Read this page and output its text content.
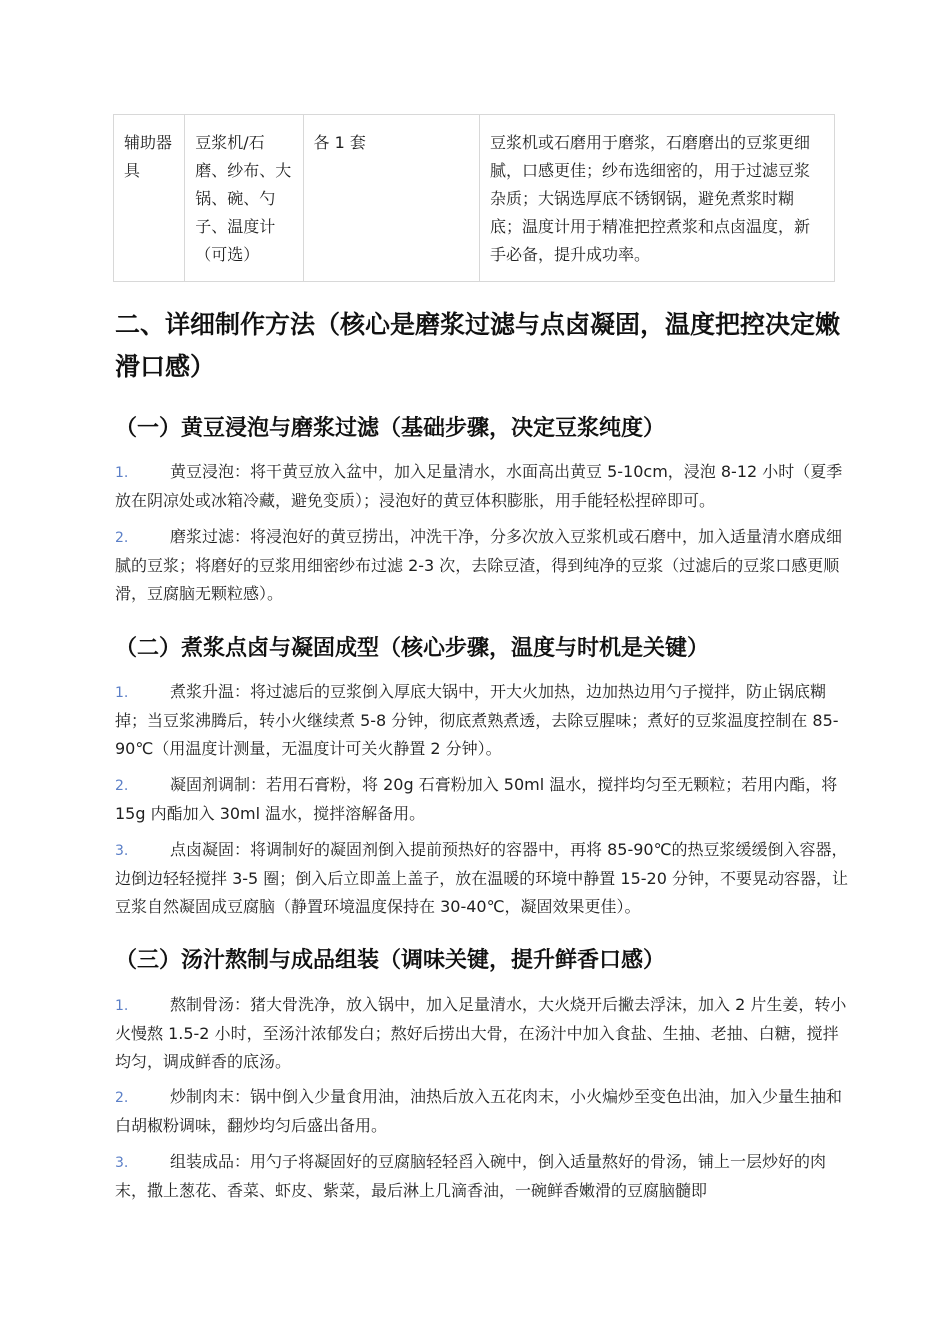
辅助器具	豆浆机/石磨、纱布、大锅、碗、勺子、温度计（可选）	各 1 套	豆浆机或石磨用于磨浆，石磨磨出的豆浆更细腻，口感更佳；纱布选细密的，用于过滤豆浆杂质；大锅选厚底不锈钢锅，避免煮浆时糊底；温度计用于精准把控煮浆和点卤温度，新手必备，提升成功率。
二、详细制作方法（核心是磨浆过滤与点卤凝固，温度把控决定嫩滑口感）
（一）黄豆浸泡与磨浆过滤（基础步骤，决定豆浆纯度）

1.	黄豆浸泡：将干黄豆放入盆中，加入足量清水，水面高出黄豆 5-10cm，浸泡 8-12 小时（夏季放在阴凉处或冰箱冷藏，避免变质）；浸泡好的黄豆体积膨胀，用手能轻松捏碎即可。

2.	磨浆过滤：将浸泡好的黄豆捞出，冲洗干净，分多次放入豆浆机或石磨中，加入适量清水磨成细腻的豆浆；将磨好的豆浆用细密纱布过滤 2-3 次，去除豆渣，得到纯净的豆浆（过滤后的豆浆口感更顺滑，豆腐脑无颗粒感）。

（二）煮浆点卤与凝固成型（核心步骤，温度与时机是关键）

1.	煮浆升温：将过滤后的豆浆倒入厚底大锅中，开大火加热，边加热边用勺子搅拌，防止锅底糊掉；当豆浆沸腾后，转小火继续煮 5-8 分钟，彻底煮熟煮透，去除豆腥味；煮好的豆浆温度控制在 85-90℃（用温度计测量，无温度计可关火静置 2 分钟）。

2.	凝固剂调制：若用石膏粉，将 20g 石膏粉加入 50ml 温水，搅拌均匀至无颗粒；若用内酯，将 15g 内酯加入 30ml 温水，搅拌溶解备用。

3.	点卤凝固：将调制好的凝固剂倒入提前预热好的容器中，再将 85-90℃的热豆浆缓缓倒入容器，边倒边轻轻搅拌 3-5 圈；倒入后立即盖上盖子，放在温暖的环境中静置 15-20 分钟，不要晃动容器，让豆浆自然凝固成豆腐脑（静置环境温度保持在 30-40℃，凝固效果更佳）。

（三）汤汁熬制与成品组装（调味关键，提升鲜香口感）

1.	熬制骨汤：猪大骨洗净，放入锅中，加入足量清水，大火烧开后撇去浮沫，加入 2 片生姜，转小火慢熬 1.5-2 小时，至汤汁浓郁发白；熬好后捞出大骨，在汤汁中加入食盐、生抽、老抽、白糖，搅拌均匀，调成鲜香的底汤。

2.	炒制肉末：锅中倒入少量食用油，油热后放入五花肉末，小火煸炒至变色出油，加入少量生抽和白胡椒粉调味，翻炒均匀后盛出备用。

3.	组装成品：用勺子将凝固好的豆腐脑轻轻舀入碗中，倒入适量熬好的骨汤，铺上一层炒好的肉末，撒上葱花、香菜、虾皮、紫菜，最后淋上几滴香油，一碗鲜香嫩滑的豆腐脑髓即
